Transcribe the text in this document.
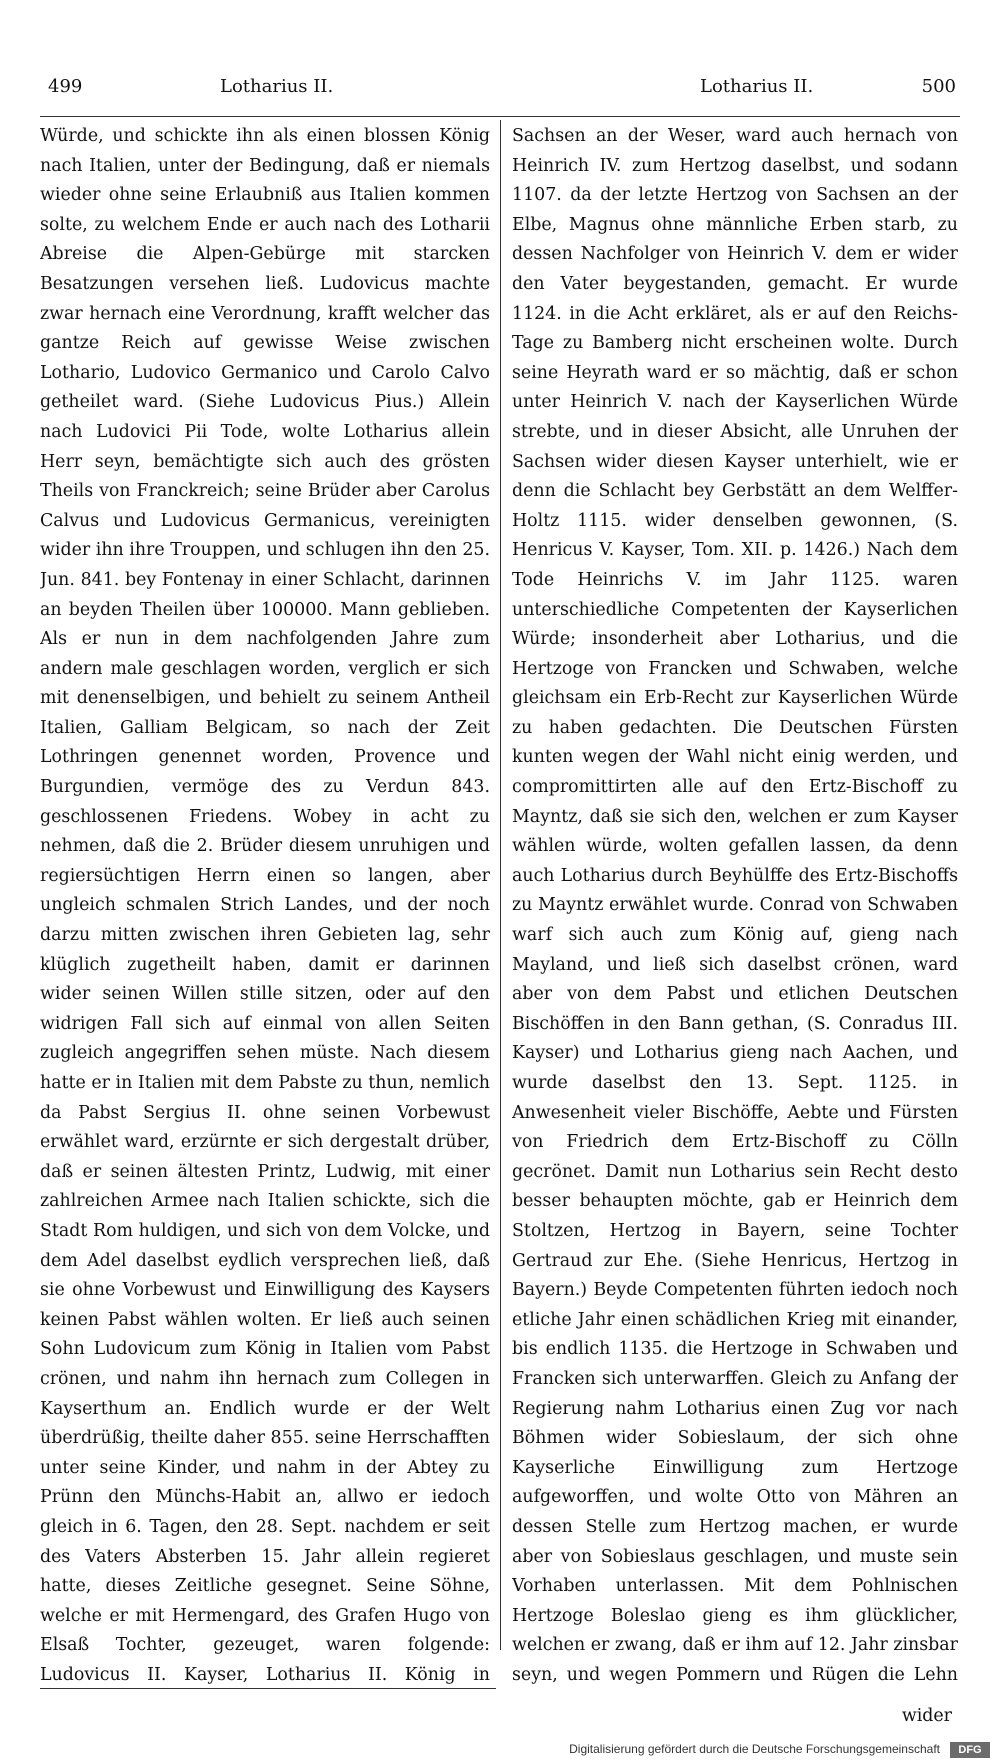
499	Lotharius II.	Lotharius II.	500

Würde, und schickte ihn als einen blossen König nach Italien, unter der Bedingung, daß er niemals wieder ohne seine Erlaubniß aus Italien kommen solte, zu welchem Ende er auch nach des Lotharii Abreise die Alpen-Gebürge mit starcken Besatzungen versehen ließ. Ludovicus machte zwar hernach eine Verordnung, krafft welcher das gantze Reich auf gewisse Weise zwischen Lothario, Ludovico Germanico und Carolo Calvo getheilet ward. (Siehe Ludovicus Pius.) Allein nach Ludovici Pii Tode, wolte Lotharius allein Herr seyn, bemächtigte sich auch des grösten Theils von Franckreich; seine Brüder aber Carolus Calvus und Ludovicus Germanicus, vereinigten wider ihn ihre Trouppen, und schlugen ihn den 25. Jun. 841. bey Fontenay in einer Schlacht, darinnen an beyden Theilen über 100000. Mann geblieben. Als er nun in dem nachfolgenden Jahre zum andern male geschlagen worden, verglich er sich mit denenselbigen, und behielt zu seinem Antheil Italien, Galliam Belgicam, so nach der Zeit Lothringen genennet worden, Provence und Burgundien, vermöge des zu Verdun 843. geschlossenen Friedens. Wobey in acht zu nehmen, daß die 2. Brüder diesem unruhigen und regiersüchtigen Herrn einen so langen, aber ungleich schmalen Strich Landes, und der noch darzu mitten zwischen ihren Gebieten lag, sehr klüglich zugetheilt haben, damit er darinnen wider seinen Willen stille sitzen, oder auf den widrigen Fall sich auf einmal von allen Seiten zugleich angegriffen sehen müste. Nach diesem hatte er in Italien mit dem Pabste zu thun, nemlich da Pabst Sergius II. ohne seinen Vorbewust erwählet ward, erzürnte er sich dergestalt drüber, daß er seinen ältesten Printz, Ludwig, mit einer zahlreichen Armee nach Italien schickte, sich die Stadt Rom huldigen, und sich von dem Volcke, und dem Adel daselbst eydlich versprechen ließ, daß sie ohne Vorbewust und Einwilligung des Kaysers keinen Pabst wählen wolten. Er ließ auch seinen Sohn Ludovicum zum König in Italien vom Pabst crönen, und nahm ihn hernach zum Collegen in Kayserthum an. Endlich wurde er der Welt überdrüßig, theilte daher 855. seine Herrschafften unter seine Kinder, und nahm in der Abtey zu Prünn den Münchs-Habit an, allwo er iedoch gleich in 6. Tagen, den 28. Sept. nachdem er seit des Vaters Absterben 15. Jahr allein regieret hatte, dieses Zeitliche gesegnet. Seine Söhne, welche er mit Hermengard, des Grafen Hugo von Elsaß Tochter, gezeuget, waren folgende: Ludovicus II. Kayser, Lotharius II. König in

Sachsen an der Weser, ward auch hernach von Heinrich IV. zum Hertzog daselbst, und sodann 1107. da der letzte Hertzog von Sachsen an der Elbe, Magnus ohne männliche Erben starb, zu dessen Nachfolger von Heinrich V. dem er wider den Vater beygestanden, gemacht. Er wurde 1124. in die Acht erkläret, als er auf den Reichs-Tage zu Bamberg nicht erscheinen wolte. Durch seine Heyrath ward er so mächtig, daß er schon unter Heinrich V. nach der Kayserlichen Würde strebte, und in dieser Absicht, alle Unruhen der Sachsen wider diesen Kayser unterhielt, wie er denn die Schlacht bey Gerbstätt an dem Welffer-Holtz 1115. wider denselben gewonnen, (S. Henricus V. Kayser, Tom. XII. p. 1426.) Nach dem Tode Heinrichs V. im Jahr 1125. waren unterschiedliche Competenten der Kayserlichen Würde; insonderheit aber Lotharius, und die Hertzoge von Francken und Schwaben, welche gleichsam ein Erb-Recht zur Kayserlichen Würde zu haben gedachten. Die Deutschen Fürsten kunten wegen der Wahl nicht einig werden, und compromittirten alle auf den Ertz-Bischoff zu Mayntz, daß sie sich den, welchen er zum Kayser wählen würde, wolten gefallen lassen, da denn auch Lotharius durch Beyhülffe des Ertz-Bischoffs zu Mayntz erwählet wurde. Conrad von Schwaben warf sich auch zum König auf, gieng nach Mayland, und ließ sich daselbst crönen, ward aber von dem Pabst und etlichen Deutschen Bischöffen in den Bann gethan, (S. Conradus III. Kayser) und Lotharius gieng nach Aachen, und wurde daselbst den 13. Sept. 1125. in Anwesenheit vieler Bischöffe, Aebte und Fürsten von Friedrich dem Ertz-Bischoff zu Cölln gecrönet. Damit nun Lotharius sein Recht desto besser behaupten möchte, gab er Heinrich dem Stoltzen, Hertzog in Bayern, seine Tochter Gertraud zur Ehe. (Siehe Henricus, Hertzog in Bayern.) Beyde Competenten führten iedoch noch etliche Jahr einen schädlichen Krieg mit einander, bis endlich 1135. die Hertzoge in Schwaben und Francken sich unterwarffen. Gleich zu Anfang der Regierung nahm Lotharius einen Zug vor nach Böhmen wider Sobieslaum, der sich ohne Kayserliche Einwilligung zum Hertzoge aufgeworffen, und wolte Otto von Mähren an dessen Stelle zum Hertzog machen, er wurde aber von Sobieslaus geschlagen, und muste sein Vorhaben unterlassen. Mit dem Pohlnischen Hertzoge Boleslao gieng es ihm glücklicher, welchen er zwang, daß er ihm auf 12. Jahr zinsbar seyn, und wegen Pommern und Rügen die Lehn

wider
Digitalisierung gefördert durch die Deutsche Forschungsgemeinschaft	DFG
